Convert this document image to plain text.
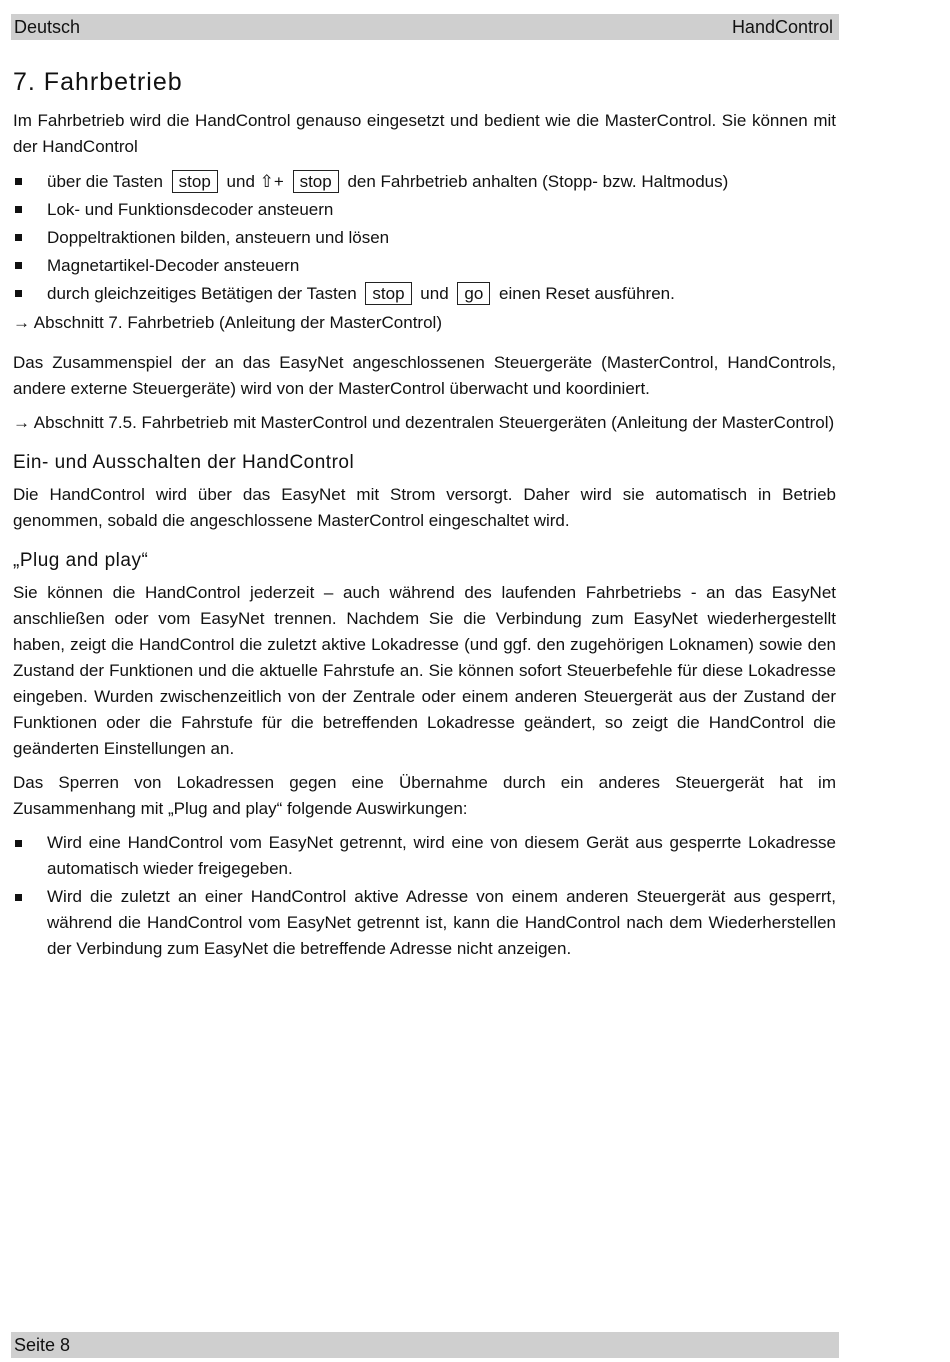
Deutsch	HandControl
7. Fahrbetrieb

Im Fahrbetrieb wird die HandControl genauso eingesetzt und bedient wie die MasterControl. Sie können mit der HandControl

über die Tasten stop und ⇧+ stop den Fahrbetrieb anhalten (Stopp- bzw. Haltmodus)
Lok- und Funktionsdecoder ansteuern
Doppeltraktionen bilden, ansteuern und lösen
Magnetartikel-Decoder ansteuern
durch gleichzeitiges Betätigen der Tasten stop und go einen Reset ausführen.

→ Abschnitt 7. Fahrbetrieb (Anleitung der MasterControl)

Das Zusammenspiel der an das EasyNet angeschlossenen Steuergeräte (MasterControl, HandControls, andere externe Steuergeräte) wird von der MasterControl überwacht und koordiniert.

→ Abschnitt 7.5. Fahrbetrieb mit MasterControl und dezentralen Steuergeräten (Anleitung der MasterControl)

Ein- und Ausschalten der HandControl

Die HandControl wird über das EasyNet mit Strom versorgt. Daher wird sie automatisch in Betrieb genommen, sobald die angeschlossene MasterControl eingeschaltet wird.

„Plug and play“

Sie können die HandControl jederzeit – auch während des laufenden Fahrbetriebs - an das EasyNet anschließen oder vom EasyNet trennen. Nachdem Sie die Verbindung zum EasyNet wiederhergestellt haben, zeigt die HandControl die zuletzt aktive Lokadresse (und ggf. den zugehörigen Loknamen) sowie den Zustand der Funktionen und die aktuelle Fahrstufe an. Sie können sofort Steuerbefehle für diese Lokadresse eingeben. Wurden zwischenzeitlich von der Zentrale oder einem anderen Steuergerät aus der Zustand der Funktionen oder die Fahrstufe für die betreffenden Lokadresse geändert, so zeigt die HandControl die geänderten Einstellungen an.

Das Sperren von Lokadressen gegen eine Übernahme durch ein anderes Steuergerät hat im Zusammenhang mit „Plug and play“ folgende Auswirkungen:

Wird eine HandControl vom EasyNet getrennt, wird eine von diesem Gerät aus gesperrte Lokadresse automatisch wieder freigegeben.
Wird die zuletzt an einer HandControl aktive Adresse von einem anderen Steuergerät aus gesperrt, während die HandControl vom EasyNet getrennt ist, kann die HandControl nach dem Wiederherstellen der Verbindung zum EasyNet die betreffende Adresse nicht anzeigen.
Seite 8
